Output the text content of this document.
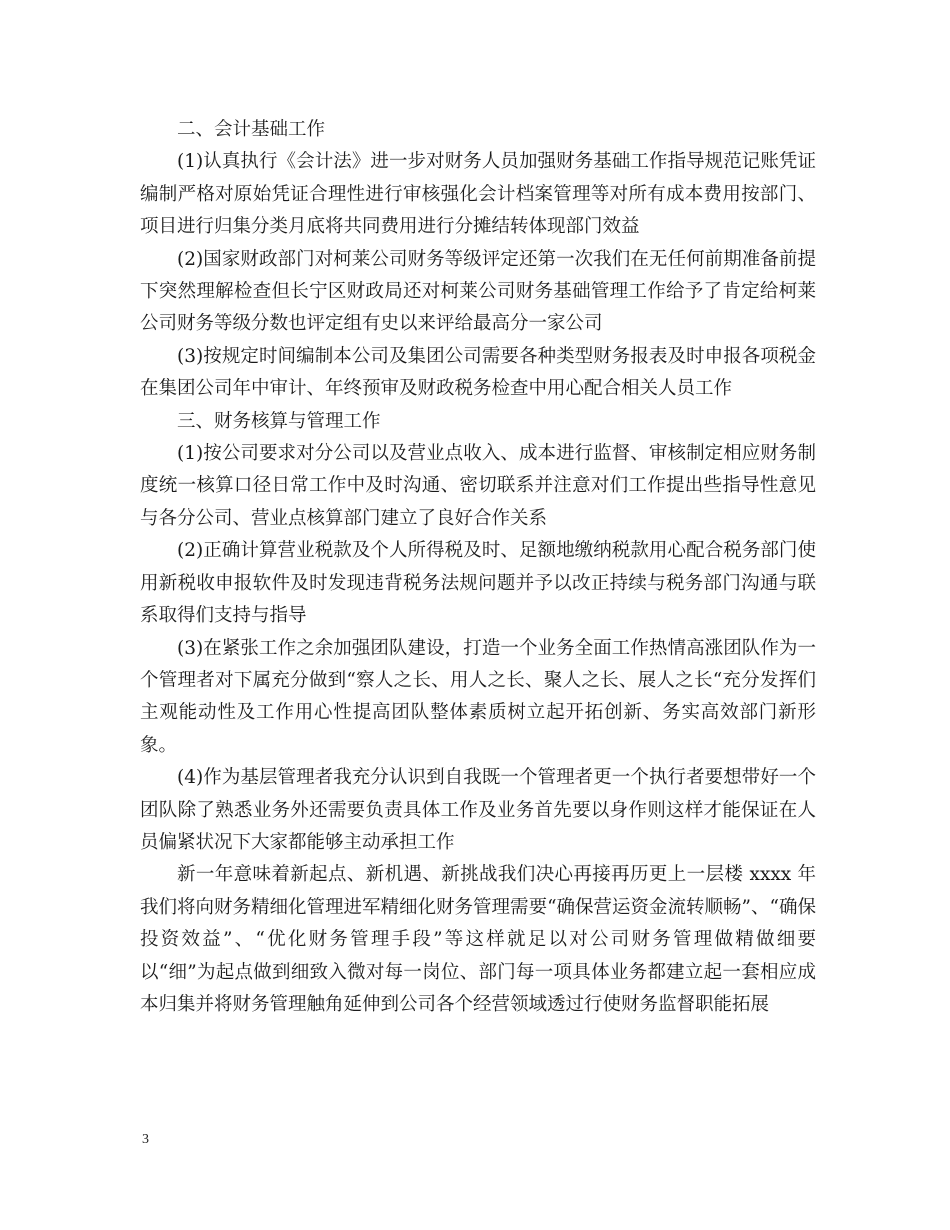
二、会计基础工作

(1)认真执行《会计法》进一步对财务人员加强财务基础工作指导规范记账凭证编制严格对原始凭证合理性进行审核强化会计档案管理等对所有成本费用按部门、项目进行归集分类月底将共同费用进行分摊结转体现部门效益

(2)国家财政部门对柯莱公司财务等级评定还第一次我们在无任何前期准备前提下突然理解检查但长宁区财政局还对柯莱公司财务基础管理工作给予了肯定给柯莱公司财务等级分数也评定组有史以来评给最高分一家公司

(3)按规定时间编制本公司及集团公司需要各种类型财务报表及时申报各项税金在集团公司年中审计、年终预审及财政税务检查中用心配合相关人员工作

三、财务核算与管理工作

(1)按公司要求对分公司以及营业点收入、成本进行监督、审核制定相应财务制度统一核算口径日常工作中及时沟通、密切联系并注意对们工作提出些指导性意见与各分公司、营业点核算部门建立了良好合作关系

(2)正确计算营业税款及个人所得税及时、足额地缴纳税款用心配合税务部门使用新税收申报软件及时发现违背税务法规问题并予以改正持续与税务部门沟通与联系取得们支持与指导

(3)在紧张工作之余加强团队建设，打造一个业务全面工作热情高涨团队作为一个管理者对下属充分做到“察人之长、用人之长、聚人之长、展人之长“充分发挥们主观能动性及工作用心性提高团队整体素质树立起开拓创新、务实高效部门新形象。

(4)作为基层管理者我充分认识到自我既一个管理者更一个执行者要想带好一个团队除了熟悉业务外还需要负责具体工作及业务首先要以身作则这样才能保证在人员偏紧状况下大家都能够主动承担工作

新一年意味着新起点、新机遇、新挑战我们决心再接再历更上一层楼 xxxx 年我们将向财务精细化管理进军精细化财务管理需要“确保营运资金流转顺畅”、“确保投资效益”、“优化财务管理手段”等这样就足以对公司财务管理做精做细要以“细”为起点做到细致入微对每一岗位、部门每一项具体业务都建立起一套相应成本归集并将财务管理触角延伸到公司各个经营领域透过行使财务监督职能拓展

3
